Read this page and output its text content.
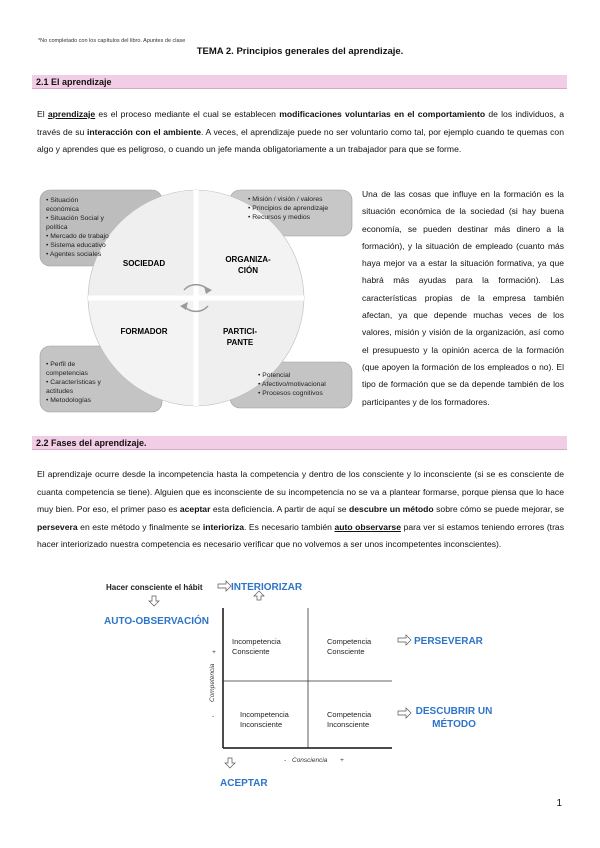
*No completado con los capítulos del libro. Apuntes de clase
TEMA 2. Principios generales del aprendizaje.
2.1 El aprendizaje
El aprendizaje es el proceso mediante el cual se establecen modificaciones voluntarias en el comportamiento de los individuos, a través de su interacción con el ambiente. A veces, el aprendizaje puede no ser voluntario como tal, por ejemplo cuando te quemas con algo y aprendes que es peligroso, o cuando un jefe manda obligatoriamente a un trabajador para que se forme.
SOCIEDAD	ORGANIZA-
CIÓN
FORMADOR	PARTICI-
PANTE
• Situación
económica
• Situación Social y
política
• Mercado de trabajo
• Sistema educativo
• Agentes sociales
• Misión / visión / valores
• Principios de aprendizaje
• Recursos y medios
• Perfil de
competencias
• Características y
actitudes
• Metodologías
• Potencial
• Afectivo/motivacional
• Procesos cognitivos
Una de las cosas que influye en la formación es la situación económica de la sociedad (si hay buena economía, se pueden destinar más dinero a la formación), y la situación de empleado (cuanto más haya mejor va a estar la situación formativa, ya que habrá más ayudas para la formación). Las características propias de la empresa también afectan, ya que depende muchas veces de los valores, misión y visión de la organización, así como el presupuesto y la opinión acerca de la formación (que apoyen la formación de los empleados o no). El tipo de formación que se da depende también de los participantes y de los formadores.
2.2 Fases del aprendizaje.
El aprendizaje ocurre desde la incompetencia hasta la competencia y dentro de los consciente y lo inconsciente (si se es consciente de cuanta competencia se tiene). Alguien que es inconsciente de su incompetencia no se va a plantear formarse, porque piensa que lo hace muy bien. Por eso, el primer paso es aceptar esta deficiencia. A partir de aquí se descubre un método sobre cómo se puede mejorar, se persevera en este método y finalmente se interioriza. Es necesario también auto observarse para ver si estamos teniendo errores (tras hacer interiorizado nuestra competencia es necesario verificar que no volvemos a ser unos incompetentes inconscientes).
Hacer consciente el hábit	INTERIORIZAR
AUTO-OBSERVACIÓN
PERSEVERAR
DESCUBRIR UN
MÉTODO
ACEPTAR
Incompetencia
Consciente
Competencia
Consciente
Incompetencia
Inconsciente
Competencia
Inconsciente
- Consciencia +
Competencia
+
-
1
